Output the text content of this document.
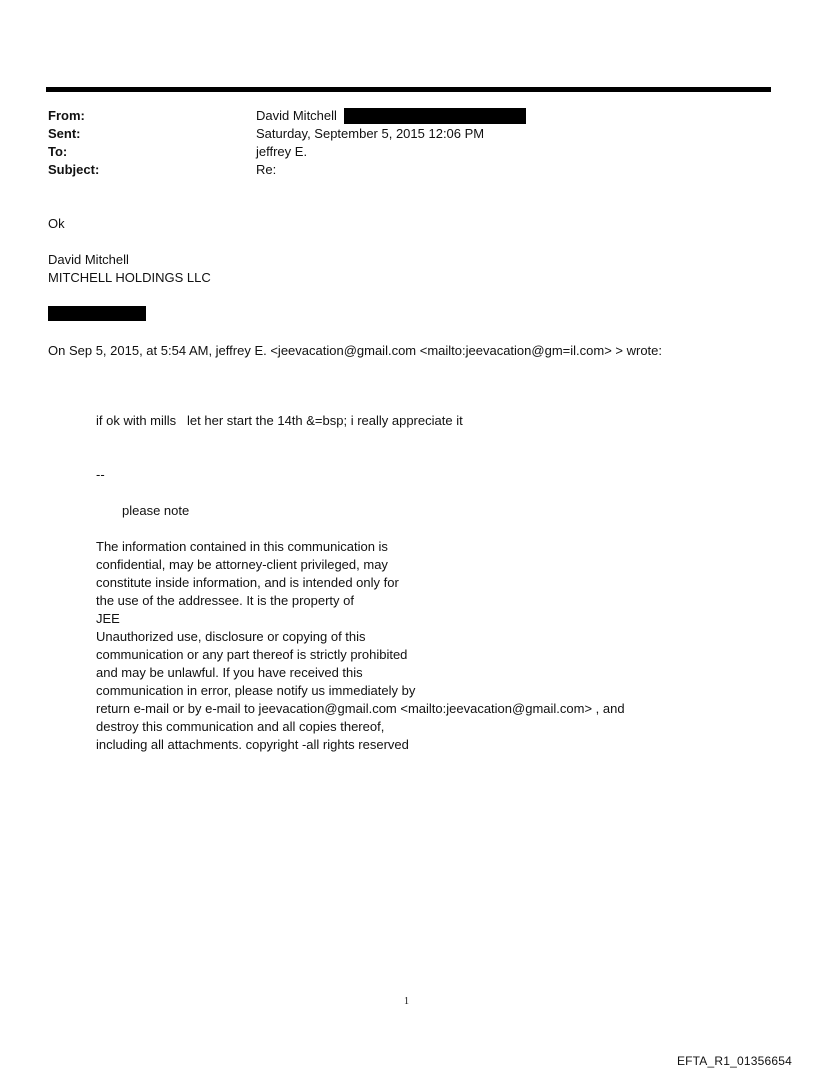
From:	David Mitchell
Sent:	Saturday, September 5, 2015 12:06 PM
To:	jeffrey E.
Subject:	Re:
Ok
David Mitchell
MITCHELL HOLDINGS LLC
On Sep 5, 2015, at 5:54 AM, jeffrey E. <jeevacation@gmail.com <mailto:jeevacation@gm=il.com> > wrote:
if ok with mills   let her start the 14th &=bsp; i really appreciate it
--
please note
The information contained in this communication is
confidential, may be attorney-client privileged, may
constitute inside information, and is intended only for
the use of the addressee. It is the property of
JEE
Unauthorized use, disclosure or copying of this
communication or any part thereof is strictly prohibited
and may be unlawful. If you have received this
communication in error, please notify us immediately by
return e-mail or by e-mail to jeevacation@gmail.com <mailto:jeevacation@gmail.com> , and
destroy this communication and all copies thereof,
including all attachments. copyright -all rights reserved
1
EFTA_R1_01356654
